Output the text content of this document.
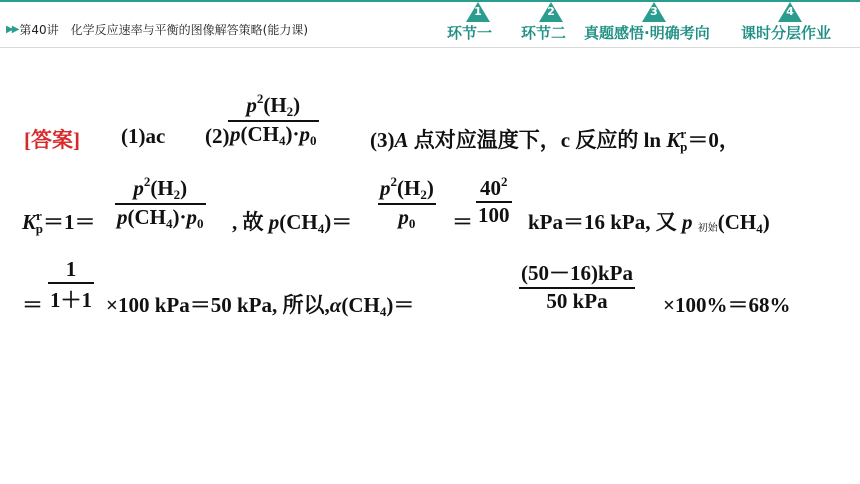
▶▶ 第40讲　化学反应速率与平衡的图像解答策略(能力课)
1
环节一
2
环节二
3
真题感悟·明确考向
4
课时分层作业
[答案] (1)ac (2)
$p^2(H_2)$
$p(CH_4)\cdot p_0$	(3)A 点对应温度下，c 反应的 $\ln K^r_p=0$，
$K^r_p=1=$
$p^2(H_2)$
$p(CH_4)\cdot p_0$ , 故 $p(CH_4)=$
$p^2(H_2)$
$p_0$	＝
$40^2$
100 kPa＝16 kPa, 又 p 初始$(CH_4)$
＝
1
1＋1 ×100 kPa＝50 kPa, 所以$,\alpha(CH_4)=$
(50－16)kPa
50 kPa	×100%＝68%
